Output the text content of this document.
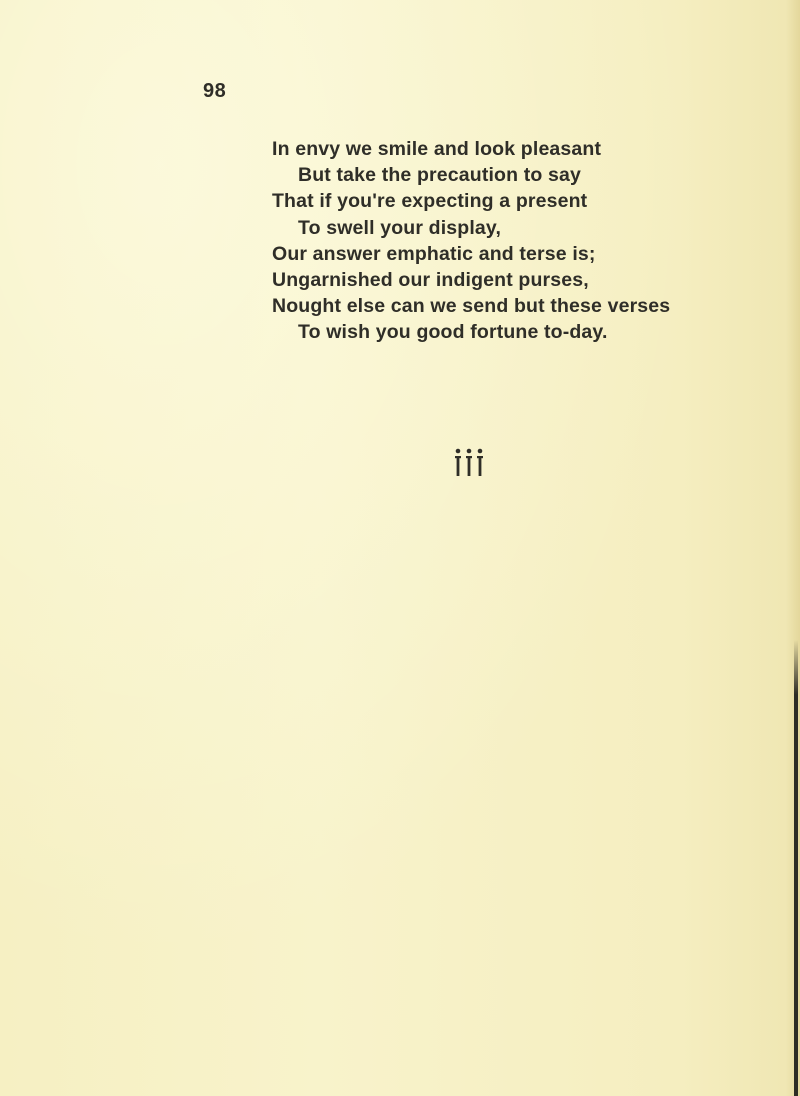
98
In envy we smile and look pleasant
But take the precaution to say
That if you're expecting a present
To swell your display,
Our answer emphatic and terse is;
Ungarnished our indigent purses,
Nought else can we send but these verses
To wish you good fortune to-day.
